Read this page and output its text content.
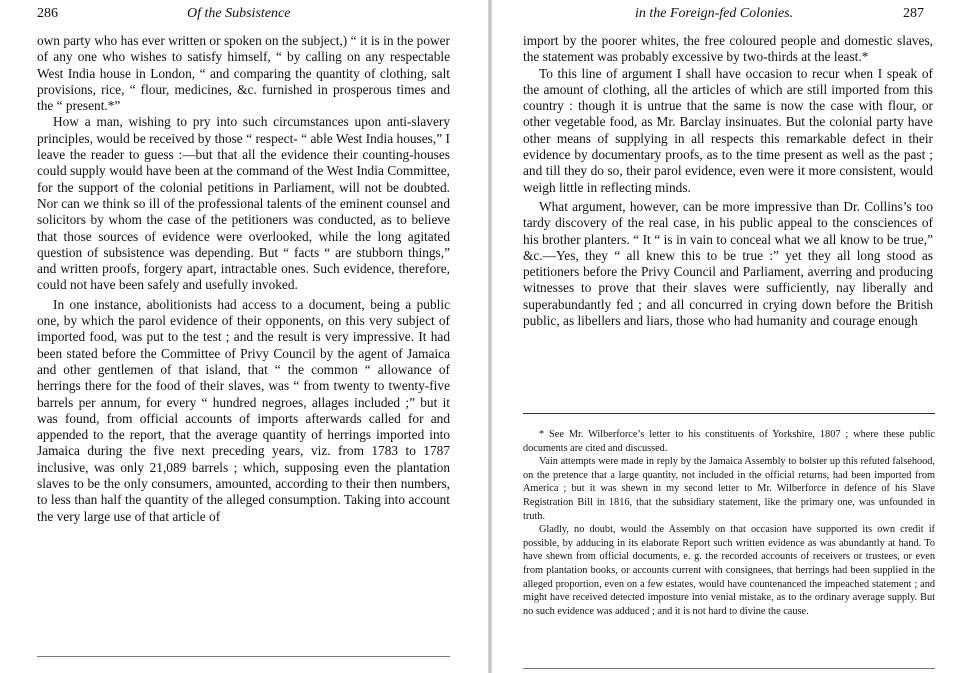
286	Of the Subsistence

own party who has ever written or spoken on the subject,) “ it is in the power of any one who wishes to satisfy himself, “ by calling on any respectable West India house in London, “ and comparing the quantity of clothing, salt provisions, rice, “ flour, medicines, &c. furnished in prosperous times and the “ present.*”

How a man, wishing to pry into such circumstances upon anti-slavery principles, would be received by those “ respect- “ able West India houses,” I leave the reader to guess :—but that all the evidence their counting-houses could supply would have been at the command of the West India Committee, for the support of the colonial petitions in Parliament, will not be doubted. Nor can we think so ill of the professional talents of the eminent counsel and solicitors by whom the case of the petitioners was conducted, as to believe that those sources of evidence were overlooked, while the long agitated question of subsistence was depending. But “ facts “ are stubborn things,” and written proofs, forgery apart, intractable ones. Such evidence, therefore, could not have been safely and usefully invoked.

In one instance, abolitionists had access to a document, being a public one, by which the parol evidence of their opponents, on this very subject of imported food, was put to the test ; and the result is very impressive. It had been stated before the Committee of Privy Council by the agent of Jamaica and other gentlemen of that island, that “ the common “ allowance of herrings there for the food of their slaves, was “ from twenty to twenty-five barrels per annum, for every “ hundred negroes, allages included ;” but it was found, from official accounts of imports afterwards called for and appended to the report, that the average quantity of herrings imported into Jamaica during the five next preceding years, viz. from 1783 to 1787 inclusive, was only 21,089 barrels ; which, supposing even the plantation slaves to be the only consumers, amounted, according to their then numbers, to less than half the quantity of the alleged consumption. Taking into account the very large use of that article of

in the Foreign-fed Colonies.	287

import by the poorer whites, the free coloured people and domestic slaves, the statement was probably excessive by two-thirds at the least.*

To this line of argument I shall have occasion to recur when I speak of the amount of clothing, all the articles of which are still imported from this country : though it is untrue that the same is now the case with flour, or other vegetable food, as Mr. Barclay insinuates. But the colonial party have other means of supplying in all respects this remarkable defect in their evidence by documentary proofs, as to the time present as well as the past ; and till they do so, their parol evidence, even were it more consistent, would weigh little in reflecting minds.

What argument, however, can be more impressive than Dr. Collins’s too tardy discovery of the real case, in his public appeal to the consciences of his brother planters. “ It “ is in vain to conceal what we all know to be true,” &c.—Yes, they “ all knew this to be true :” yet they all long stood as petitioners before the Privy Council and Parliament, averring and producing witnesses to prove that their slaves were sufficiently, nay liberally and superabundantly fed ; and all concurred in crying down before the British public, as libellers and liars, those who had humanity and courage enough

* See Mr. Wilberforce’s letter to his constituents of Yorkshire, 1807 ; where these public documents are cited and discussed.

Vain attempts were made in reply by the Jamaica Assembly to bolster up this refuted falsehood, on the pretence that a large quantity, not included in the official returns, had been imported from America ; but it was shewn in my second letter to Mr. Wilberforce in defence of his Slave Registration Bill in 1816, that the subsidiary statement, like the primary one, was unfounded in truth.

Gladly, no doubt, would the Assembly on that occasion have supported its own credit if possible, by adducing in its elaborate Report such written evidence as was abundantly at hand. To have shewn from official documents, e. g. the recorded accounts of receivers or trustees, or even from plantation books, or accounts current with consignees, that herrings had been supplied in the alleged proportion, even on a few estates, would have countenanced the impeached statement ; and might have received detected imposture into venial mistake, as to the ordinary average supply. But no such evidence was adduced ; and it is not hard to divine the cause.
